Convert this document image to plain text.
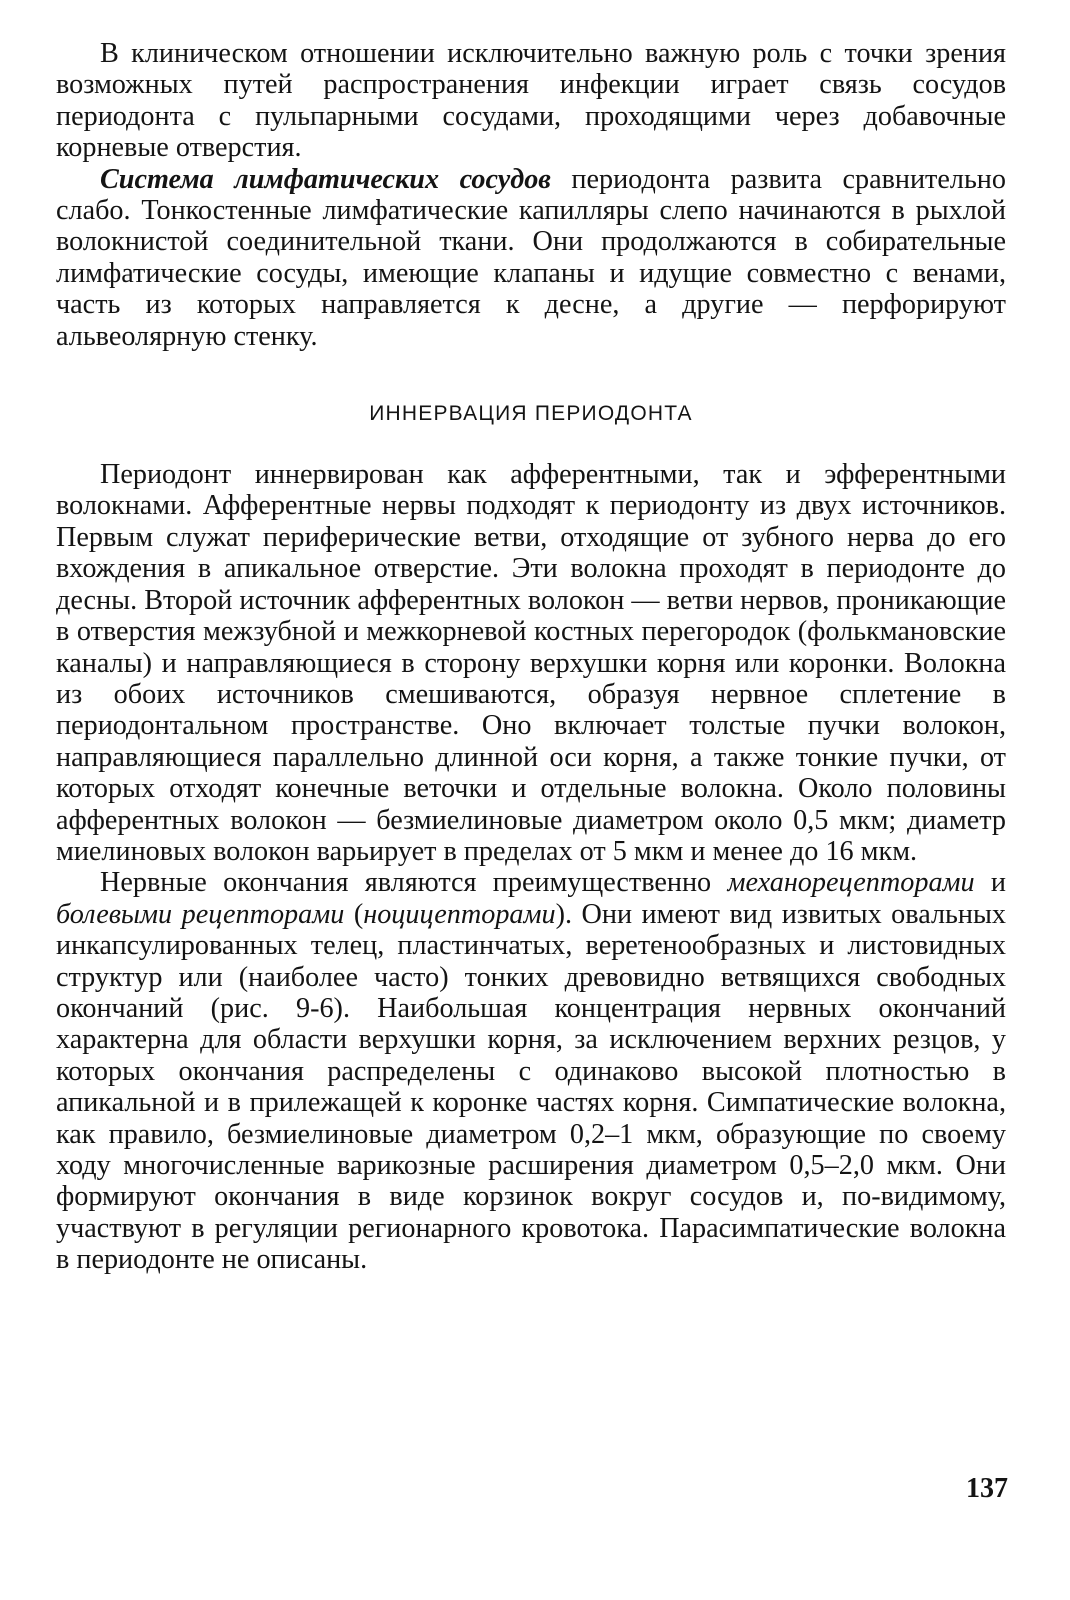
В клиническом отношении исключительно важную роль с точки зрения возможных путей распространения инфекции играет связь сосудов периодонта с пульпарными сосудами, проходящими через добавочные корневые отверстия.

Система лимфатических сосудов периодонта развита сравнительно слабо. Тонкостенные лимфатические капилляры слепо начинаются в рыхлой волокнистой соединительной ткани. Они продолжаются в собирательные лимфатические сосуды, имеющие клапаны и идущие совместно с венами, часть из которых направляется к десне, а другие — перфорируют альвеолярную стенку.

ИННЕРВАЦИЯ ПЕРИОДОНТА

Периодонт иннервирован как афферентными, так и эфферентными волокнами. Афферентные нервы подходят к периодонту из двух источников. Первым служат периферические ветви, отходящие от зубного нерва до его вхождения в апикальное отверстие. Эти волокна проходят в периодонте до десны. Второй источник афферентных волокон — ветви нервов, проникающие в отверстия межзубной и межкорневой костных перегородок (фолькмановские каналы) и направляющиеся в сторону верхушки корня или коронки. Волокна из обоих источников смешиваются, образуя нервное сплетение в периодонтальном пространстве. Оно включает толстые пучки волокон, направляющиеся параллельно длинной оси корня, а также тонкие пучки, от которых отходят конечные веточки и отдельные волокна. Около половины афферентных волокон — безмиелиновые диаметром около 0,5 мкм; диаметр миелиновых волокон варьирует в пределах от 5 мкм и менее до 16 мкм.

Нервные окончания являются преимущественно механорецепторами и болевыми рецепторами (ноцицепторами). Они имеют вид извитых овальных инкапсулированных телец, пластинчатых, веретенообразных и листовидных структур или (наиболее часто) тонких древовидно ветвящихся свободных окончаний (рис. 9-6). Наибольшая концентрация нервных окончаний характерна для области верхушки корня, за исключением верхних резцов, у которых окончания распределены с одинаково высокой плотностью в апикальной и в прилежащей к коронке частях корня. Симпатические волокна, как правило, безмиелиновые диаметром 0,2–1 мкм, образующие по своему ходу многочисленные варикозные расширения диаметром 0,5–2,0 мкм. Они формируют окончания в виде корзинок вокруг сосудов и, по-видимому, участвуют в регуляции регионарного кровотока. Парасимпатические волокна в периодонте не описаны.

137
